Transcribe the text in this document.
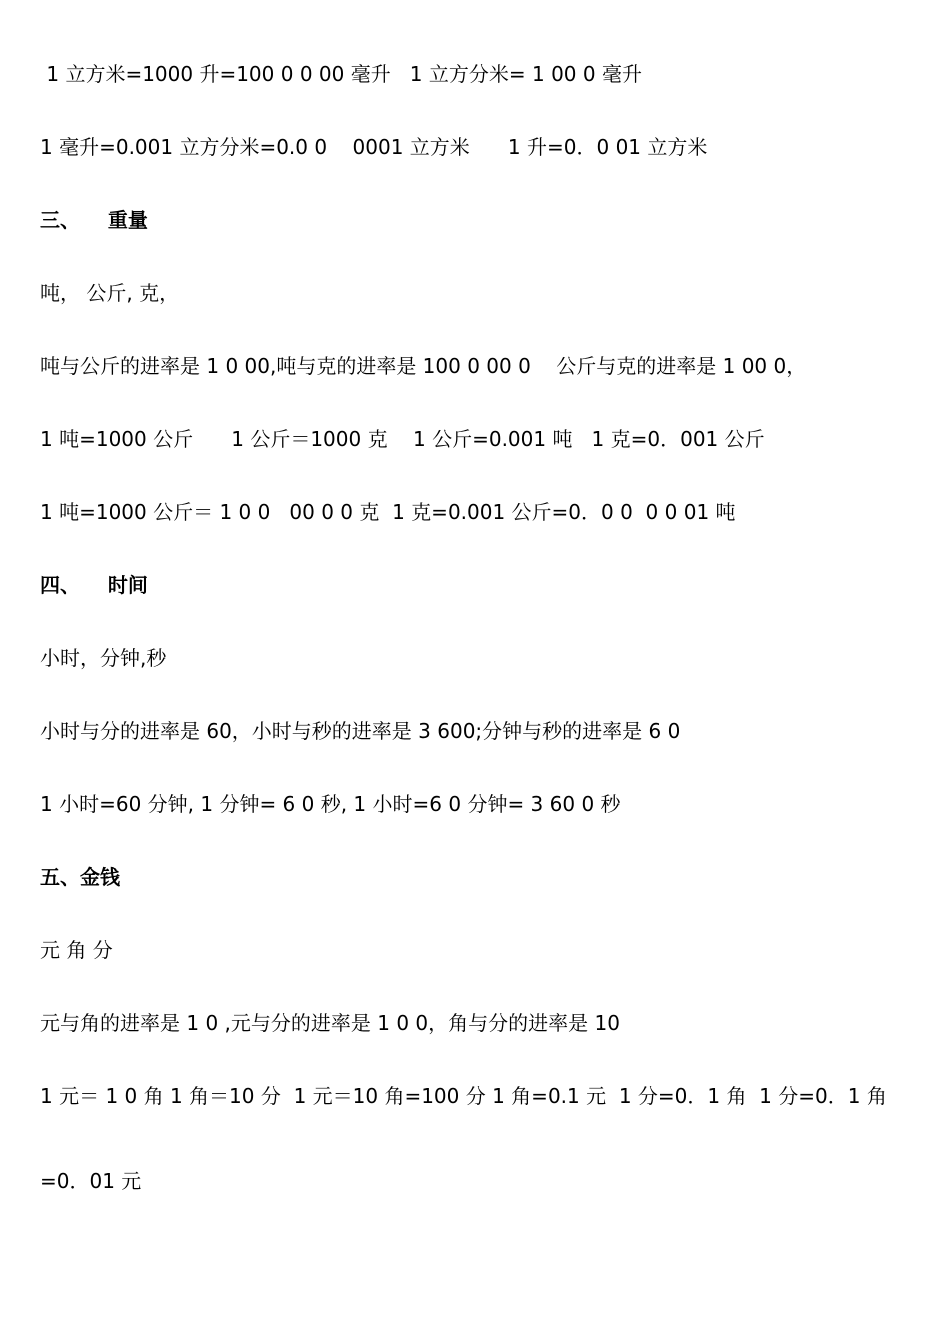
1 立方米=1000 升=100 0 0 00 毫升   1 立方分米= 1 00 0 毫升
1 毫升=0.001 立方分米=0.0 0    0001 立方米      1 升=0．0 01 立方米
三、    重量
吨， 公斤, 克，
吨与公斤的进率是 1 0 00,吨与克的进率是 100 0 00 0    公斤与克的进率是 1 00 0，
1 吨=1000 公斤      1 公斤＝1000 克    1 公斤=0.001 吨   1 克=0．001 公斤
1 吨=1000 公斤＝ 1 0 0   00 0 0 克  1 克=0.001 公斤=0．0 0  0 0 01 吨
四、    时间
小时，分钟,秒
小时与分的进率是 60，小时与秒的进率是 3 600;分钟与秒的进率是 6 0
1 小时=60 分钟, 1 分钟= 6 0 秒, 1 小时=6 0 分钟= 3 60 0 秒
五、金钱
元 角 分
元与角的进率是 1 0 ,元与分的进率是 1 0 0，角与分的进率是 10
1 元＝ 1 0 角 1 角＝10 分  1 元＝10 角=100 分 1 角=0.1 元  1 分=0．1 角  1 分=0．1 角
=0．01 元
